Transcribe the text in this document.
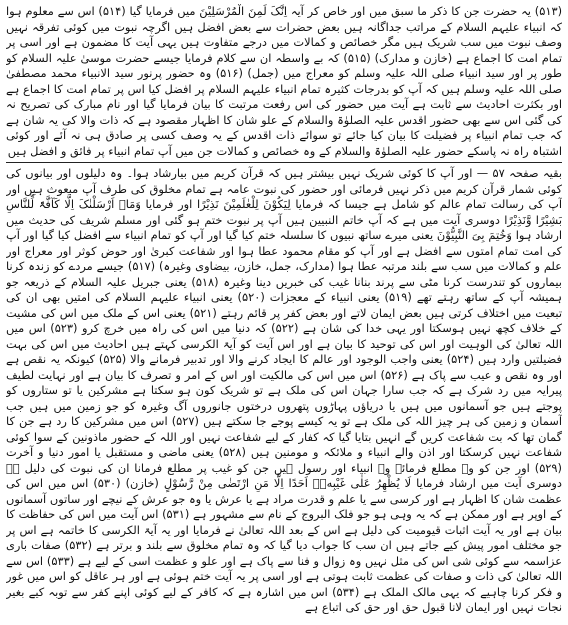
(۵۱۳) یہ حضرت جن کا ذکر ما سبق میں اور خاص کر آیہ اِنَّکَ لَمِنَ الْمُرْسَلِیْنَ میں فرمایا گیا (۵۱۴) اس سے معلوم ہوا کہ انبیاء علیہم السلام کے مراتب جداگانہ ہیں بعض حضرات سے بعض افضل ہیں اگرچہ نبوت میں کوئی تفرقہ نہیں وصف نبوت میں سب شریک ہیں مگر خصائص و کمالات میں درجے متفاوت ہیں یہی آیت کا مضمون ہے اور اسی پر تمام امت کا اجماع ہے (خازن و مدارک) (۵۱۵) کہ بے واسطہ ان سے کلام فرمایا جیسے حضرت موسیٰ علیہ السلام کو طور پر اور سید انبیاء صلی اللہ علیہ وسلم کو معراج میں (جمل) (۵۱۶) وہ حضور پرنور سید الانبیاء محمد مصطفیٰ صلی اللہ علیہ وسلم ہیں کہ آپ کو بدرجات کثیرہ تمام انبیاء علیہم السلام پر افضل کیا اس پر تمام امت کا اجماع ہے اور بکثرت احادیث سے ثابت ہے آیت میں حضور کی اس رفعت مرتبت کا بیان فرمایا گیا اور نام مبارک کی تصریح نہ کی گئی اس سے بھی حضور اقدس علیہ الصلوٰۃ والسلام کے علو شان کا اظہار مقصود ہے کہ ذات والا کی یہ شان ہے کہ جب تمام انبیاء پر فضیلت کا بیان کیا جائے تو سوائے ذات اقدس کے یہ وصف کسی پر صادق ہی نہ آئے اور کوئی اشتباہ راہ نہ پاسکے حضور علیہ الصلوٰۃ والسلام کے وہ خصائص و کمالات جن میں آپ تمام انبیاء پر فائق و افضل ہیں
بقیہ صفحہ ۵۷ — اور آپ کا کوئی شریک نہیں بیشتر ہیں کہ قرآن کریم میں بیارشاد ہوا۔ وہ دلیلوں اور بیانوں کی کوئی شمار قرآن کریم میں ذکر نہیں فرمائی اور حضور کی نبوت عامہ ہے تمام مخلوق کی طرف آپ مبعوث ہیں اور آپ کی رسالت تمام عالم کو شامل ہے جیسا کہ فرمایا لِیَکُوْنَ لِلْعٰلَمِیْنَ نَذِیْرًا اور فرمایا وَمَاۤ اَرْسَلْنٰکَ اِلَّا کَآفَّۃً لِّلنَّاسِ بَشِیْرًا وَّنَذِیْرًا دوسری آیت میں ہے کہ آپ خاتم النبیین ہیں آپ پر نبوت ختم ہو گئی اور مسلم شریف کی حدیث میں ارشاد ہوا وَخُتِمَ بِیَ النَّبِیُّوْنَ یعنی میرے ساتھ نبیوں کا سلسلہ ختم کیا گیا اور آپ کو تمام انبیاء سے افضل کیا گیا اور آپ کی امت تمام امتوں سے افضل ہے اور آپ کو مقام محمود عطا ہوا اور شفاعت کبریٰ اور حوض کوثر اور معراج اور علم و کمالات میں سب سے بلند مرتبہ عطا ہوا (مدارک، جمل، خازن، بیضاوی وغیرہ) (۵۱۷) جیسے مردے کو زندہ کرنا بیماروں کو تندرست کرنا مٹی سے پرند بنانا غیب کی خبریں دینا وغیرہ (۵۱۸) یعنی جبریل علیہ السلام کے ذریعہ جو ہمیشہ آپ کے ساتھ رہتے تھے (۵۱۹) یعنی انبیاء کے معجزات (۵۲۰) یعنی انبیاء علیہم السلام کی امتیں بھی ان کی تبعیت میں اختلاف کرتی ہیں بعض ایمان لاتے اور بعض کفر پر قائم رہتے (۵۲۱) یعنی اس کے ملک میں اس کی مشیت کے خلاف کچھ نہیں ہوسکتا اور یہی خدا کی شان ہے (۵۲۲) کہ دنیا میں اس کی راہ میں خرچ کرو (۵۲۳) اس میں اللہ تعالیٰ کی الوہیت اور اس کی توحید کا بیان ہے اور اس آیت کو آیۃ الکرسی کہتے ہیں احادیث میں اس کی بہت فضیلتیں وارد ہیں (۵۲۴) یعنی واجب الوجود اور عالم کا ایجاد کرنے والا اور تدبیر فرمانے والا (۵۲۵) کیونکہ یہ نقص ہے اور وہ نقص و عیب سے پاک ہے (۵۲۶) اس میں اس کی مالکیت اور اس کے امر و تصرف کا بیان ہے اور نہایت لطیف پیرایہ میں رد شرک ہے کہ جب سارا جہان اس کی ملک ہے تو شریک کون ہو سکتا ہے مشرکین یا تو ستاروں کو پوجتے ہیں جو آسمانوں میں ہیں یا دریاؤں پہاڑوں پتھروں درختوں جانوروں آگ وغیرہ کو جو زمین میں ہیں جب آسمان و زمین کی ہر چیز اللہ کی ملک ہے تو یہ کیسے پوجے جا سکتے ہیں (۵۲۷) اس میں مشرکین کا رد ہے جن کا گمان تھا کہ بت شفاعت کریں گے انہیں بتایا گیا کہ کفار کے لیے شفاعت نہیں اور اللہ کے حضور ماذونین کے سوا کوئی شفاعت نہیں کرسکتا اور اذن والے انبیاء و ملائکہ و مومنین ہیں (۵۲۸) یعنی ماضی و مستقبل یا امور دنیا و آخرت (۵۲۹) اور جن کو وہ مطلع فرمائے وہ انبیاء اور رسول ہیں جن کو غیب پر مطلع فرمانا ان کی نبوت کی دلیل ہے دوسری آیت میں ارشاد فرمایا لَا یُظْهِرُ عَلٰی غَیْبِهٖۤ اَحَدًا اِلَّا مَنِ ارْتَضٰی مِنْ رَّسُوْلٍ (خازن) (۵۳۰) اس میں اس کی عظمت شان کا اظہار ہے اور کرسی سے یا علم و قدرت مراد ہے یا عرش یا وہ جو عرش کے نیچے اور ساتوں آسمانوں کے اوپر ہے اور ممکن ہے کہ یہ وہی ہو جو فلک البروج کے نام سے مشہور ہے (۵۳۱) اس آیت میں اس کی حفاظت کا بیان ہے اور یہ آیت اثبات قیومیت کی دلیل ہے اس کے بعد اللہ تعالیٰ نے فرمایا اور یہ آیۃ الکرسی کا خاتمہ ہے اس پر جو مختلف امور پیش کیے جاتے ہیں ان سب کا جواب دیا گیا کہ وہ تمام مخلوق سے بلند و برتر ہے (۵۳۲) صفات باری عزاسمہ سے کوئی شی اس کی مثل نہیں وہ زوال و فنا سے پاک ہے اور علو و عظمت اسی کے لیے ہے (۵۳۳) اس سے اللہ تعالیٰ کی ذات و صفات کی عظمت ثابت ہوتی ہے اور اسی پر یہ آیت ختم ہوئی ہے اور ہر عاقل کو اس میں غور و فکر کرنا چاہیے کہ یہی مالک الملک ہے (۵۳۴) اس میں اشارہ ہے کہ کافر کے لیے کوئی اپنے کفر سے توبہ کیے بغیر نجات نہیں اور ایمان لانا قبول حق اور حق کی اتباع ہے
